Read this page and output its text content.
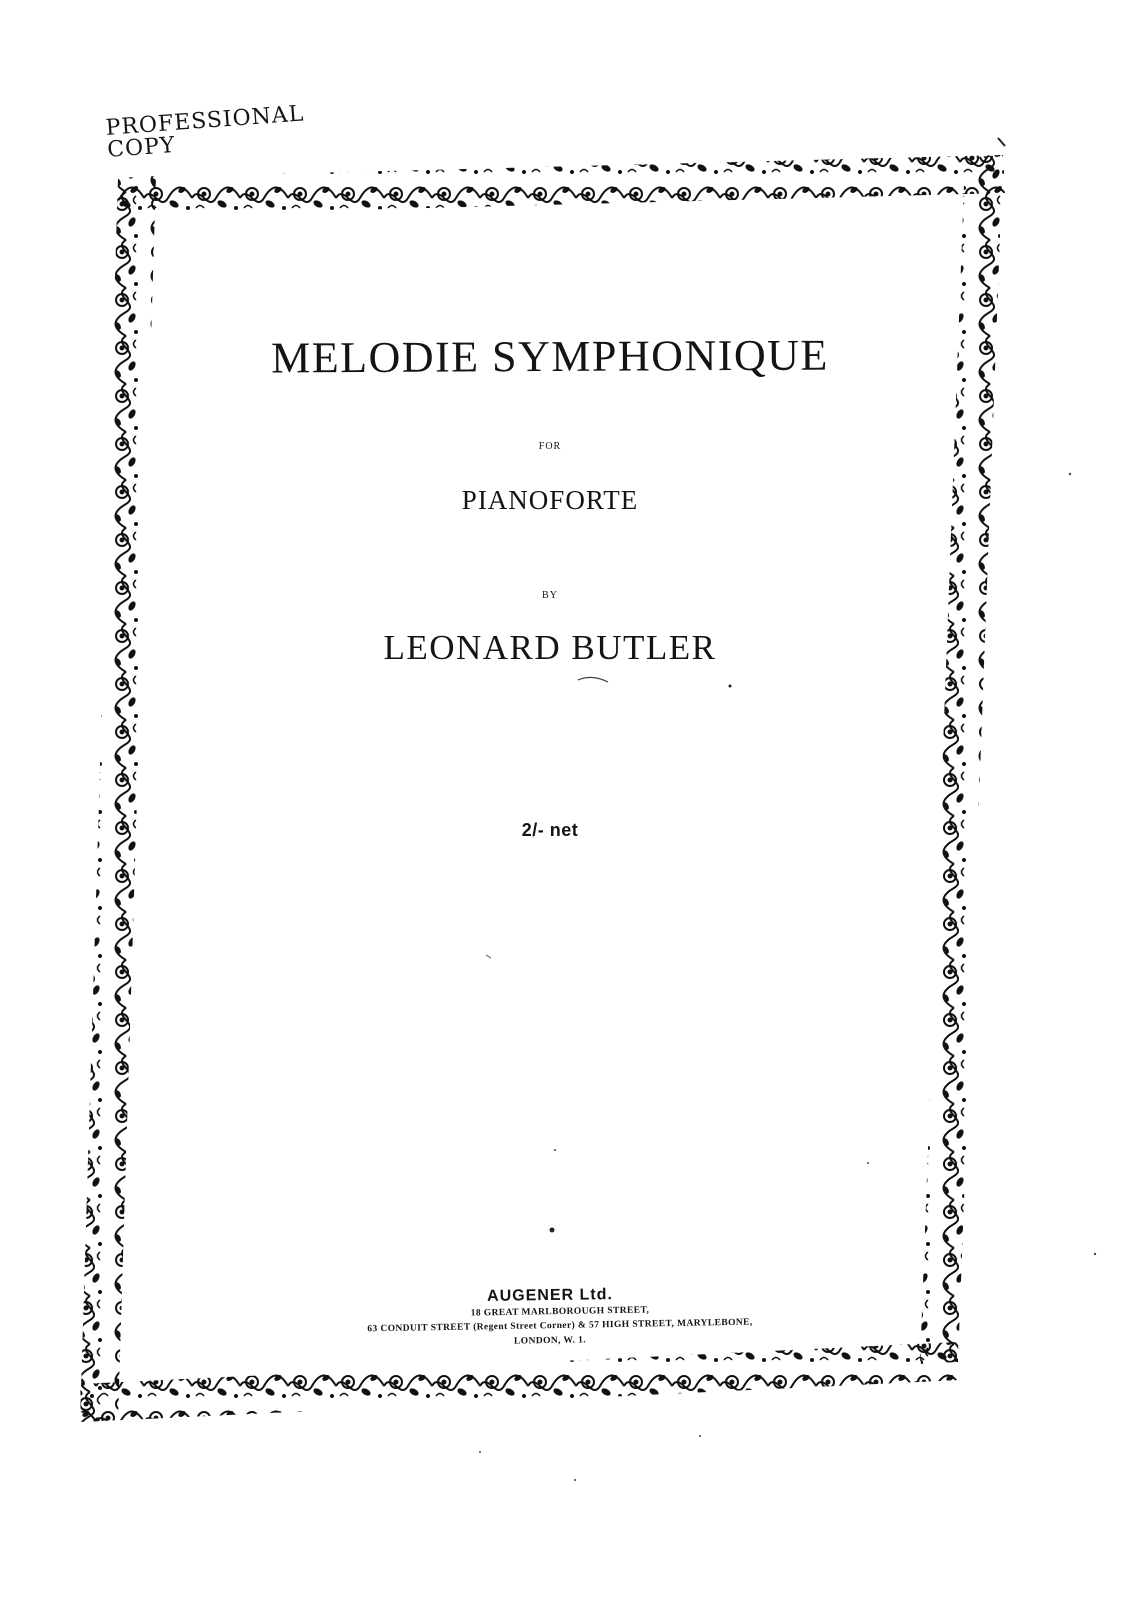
PROFESSIONAL COPY
MELODIE SYMPHONIQUE
FOR
PIANOFORTE
BY
LEONARD BUTLER
2/- net
AUGENER Ltd.
18 GREAT MARLBOROUGH STREET,
63 CONDUIT STREET (Regent Street Corner) & 57 HIGH STREET, MARYLEBONE,
LONDON, W. 1.
